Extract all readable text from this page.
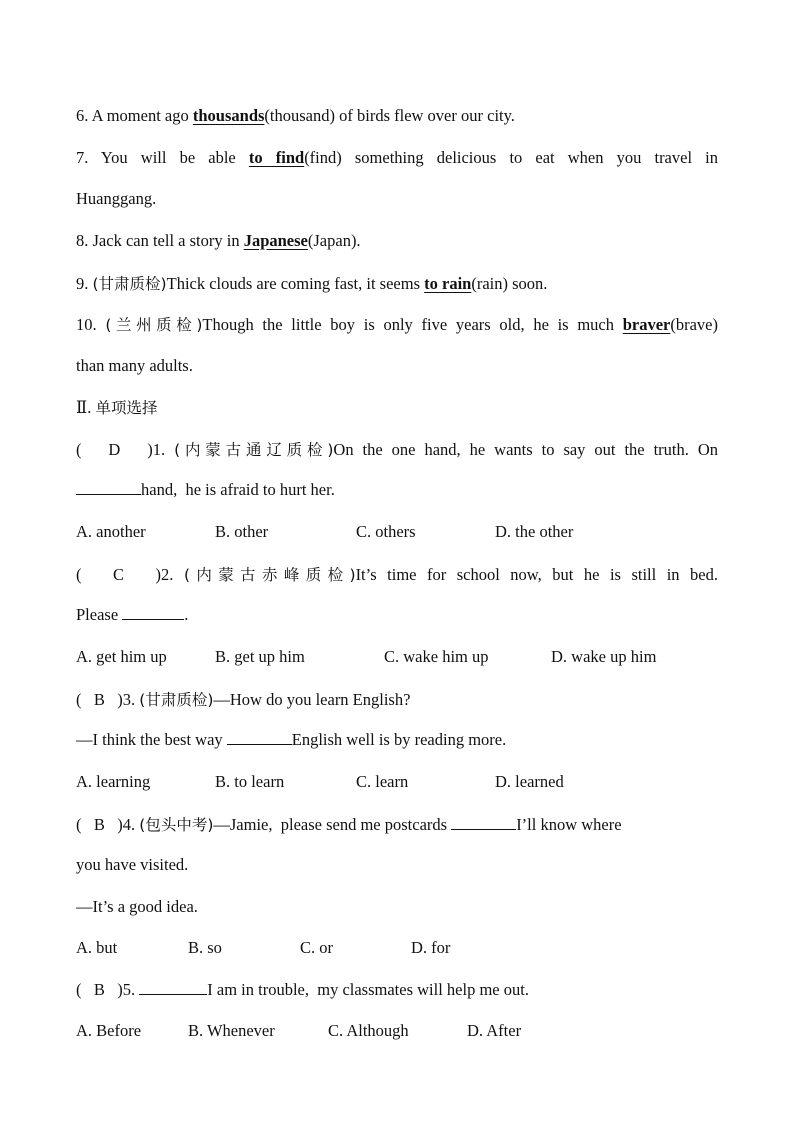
6. A moment ago thousands(thousand) of birds flew over our city.
7. You will be able to find(find) something delicious to eat when you travel in
Huanggang.
8. Jack can tell a story in Japanese(Japan).
9. (甘肃质检)Thick clouds are coming fast, it seems to rain(rain) soon.
10. (兰州质检)Though the little boy is only five years old, he is much braver(brave)
than many adults.
Ⅱ. 单项选择
( D )1. (内蒙古通辽质检)On the one hand, he wants to say out the truth. On
hand,  he is afraid to hurt her.
A. another	B. other	C. others	D. the other
( C )2. (内蒙古赤峰质检)It’s time for school now, but he is still in bed.
Please	.
A. get him up	B. get up him	C. wake him up	D. wake up him
( B )3. (甘肃质检)—How do you learn English?
—I think the best way	English well is by reading more.
A. learning	B. to learn	C. learn	D. learned
( B )4. (包头中考)—Jamie,  please send me postcards	I’ll know where
you have visited.
—It’s a good idea.
A. but	B. so	C. or	D. for
( B )5.	I am in trouble,  my classmates will help me out.
A. Before	B. Whenever	C. Although	D. After
